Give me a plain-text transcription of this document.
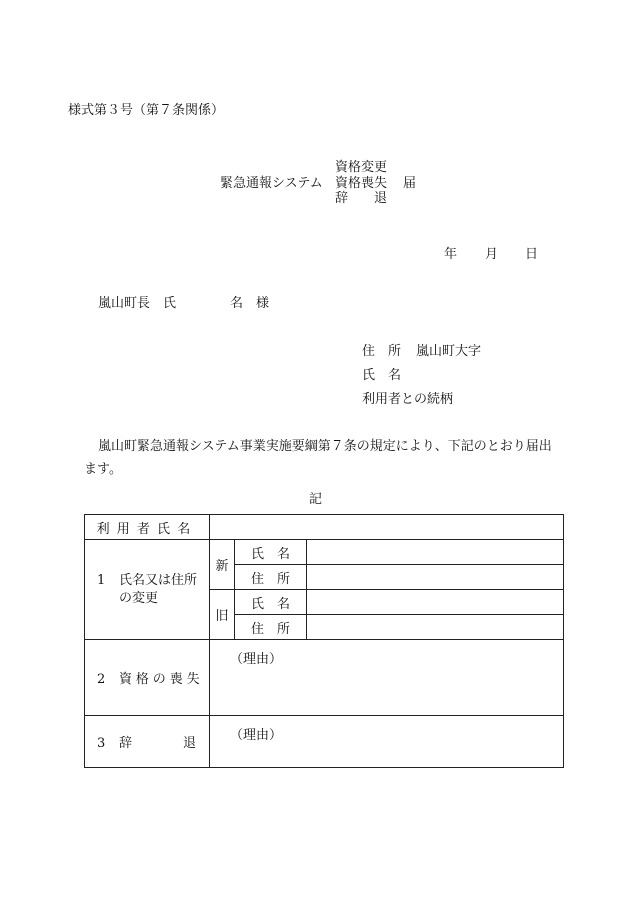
様式第３号（第７条関係）
緊急通報システム
資格変更
資格喪失
辞　　退
届
年 月 日
嵐山町長　氏	名　様
住　所 嵐山町大字
氏　名
利用者との続柄
嵐山町緊急通報システム事業実施要綱第７条の規定により、下記のとおり届出
ます。
記
利用者氏名			

1 氏名又は住所
の変更	新	氏　名	
		住　所	
	旧	氏　名	
		住　所	
2 資格の喪失	（理由）		
3 辞 退	（理由）		
